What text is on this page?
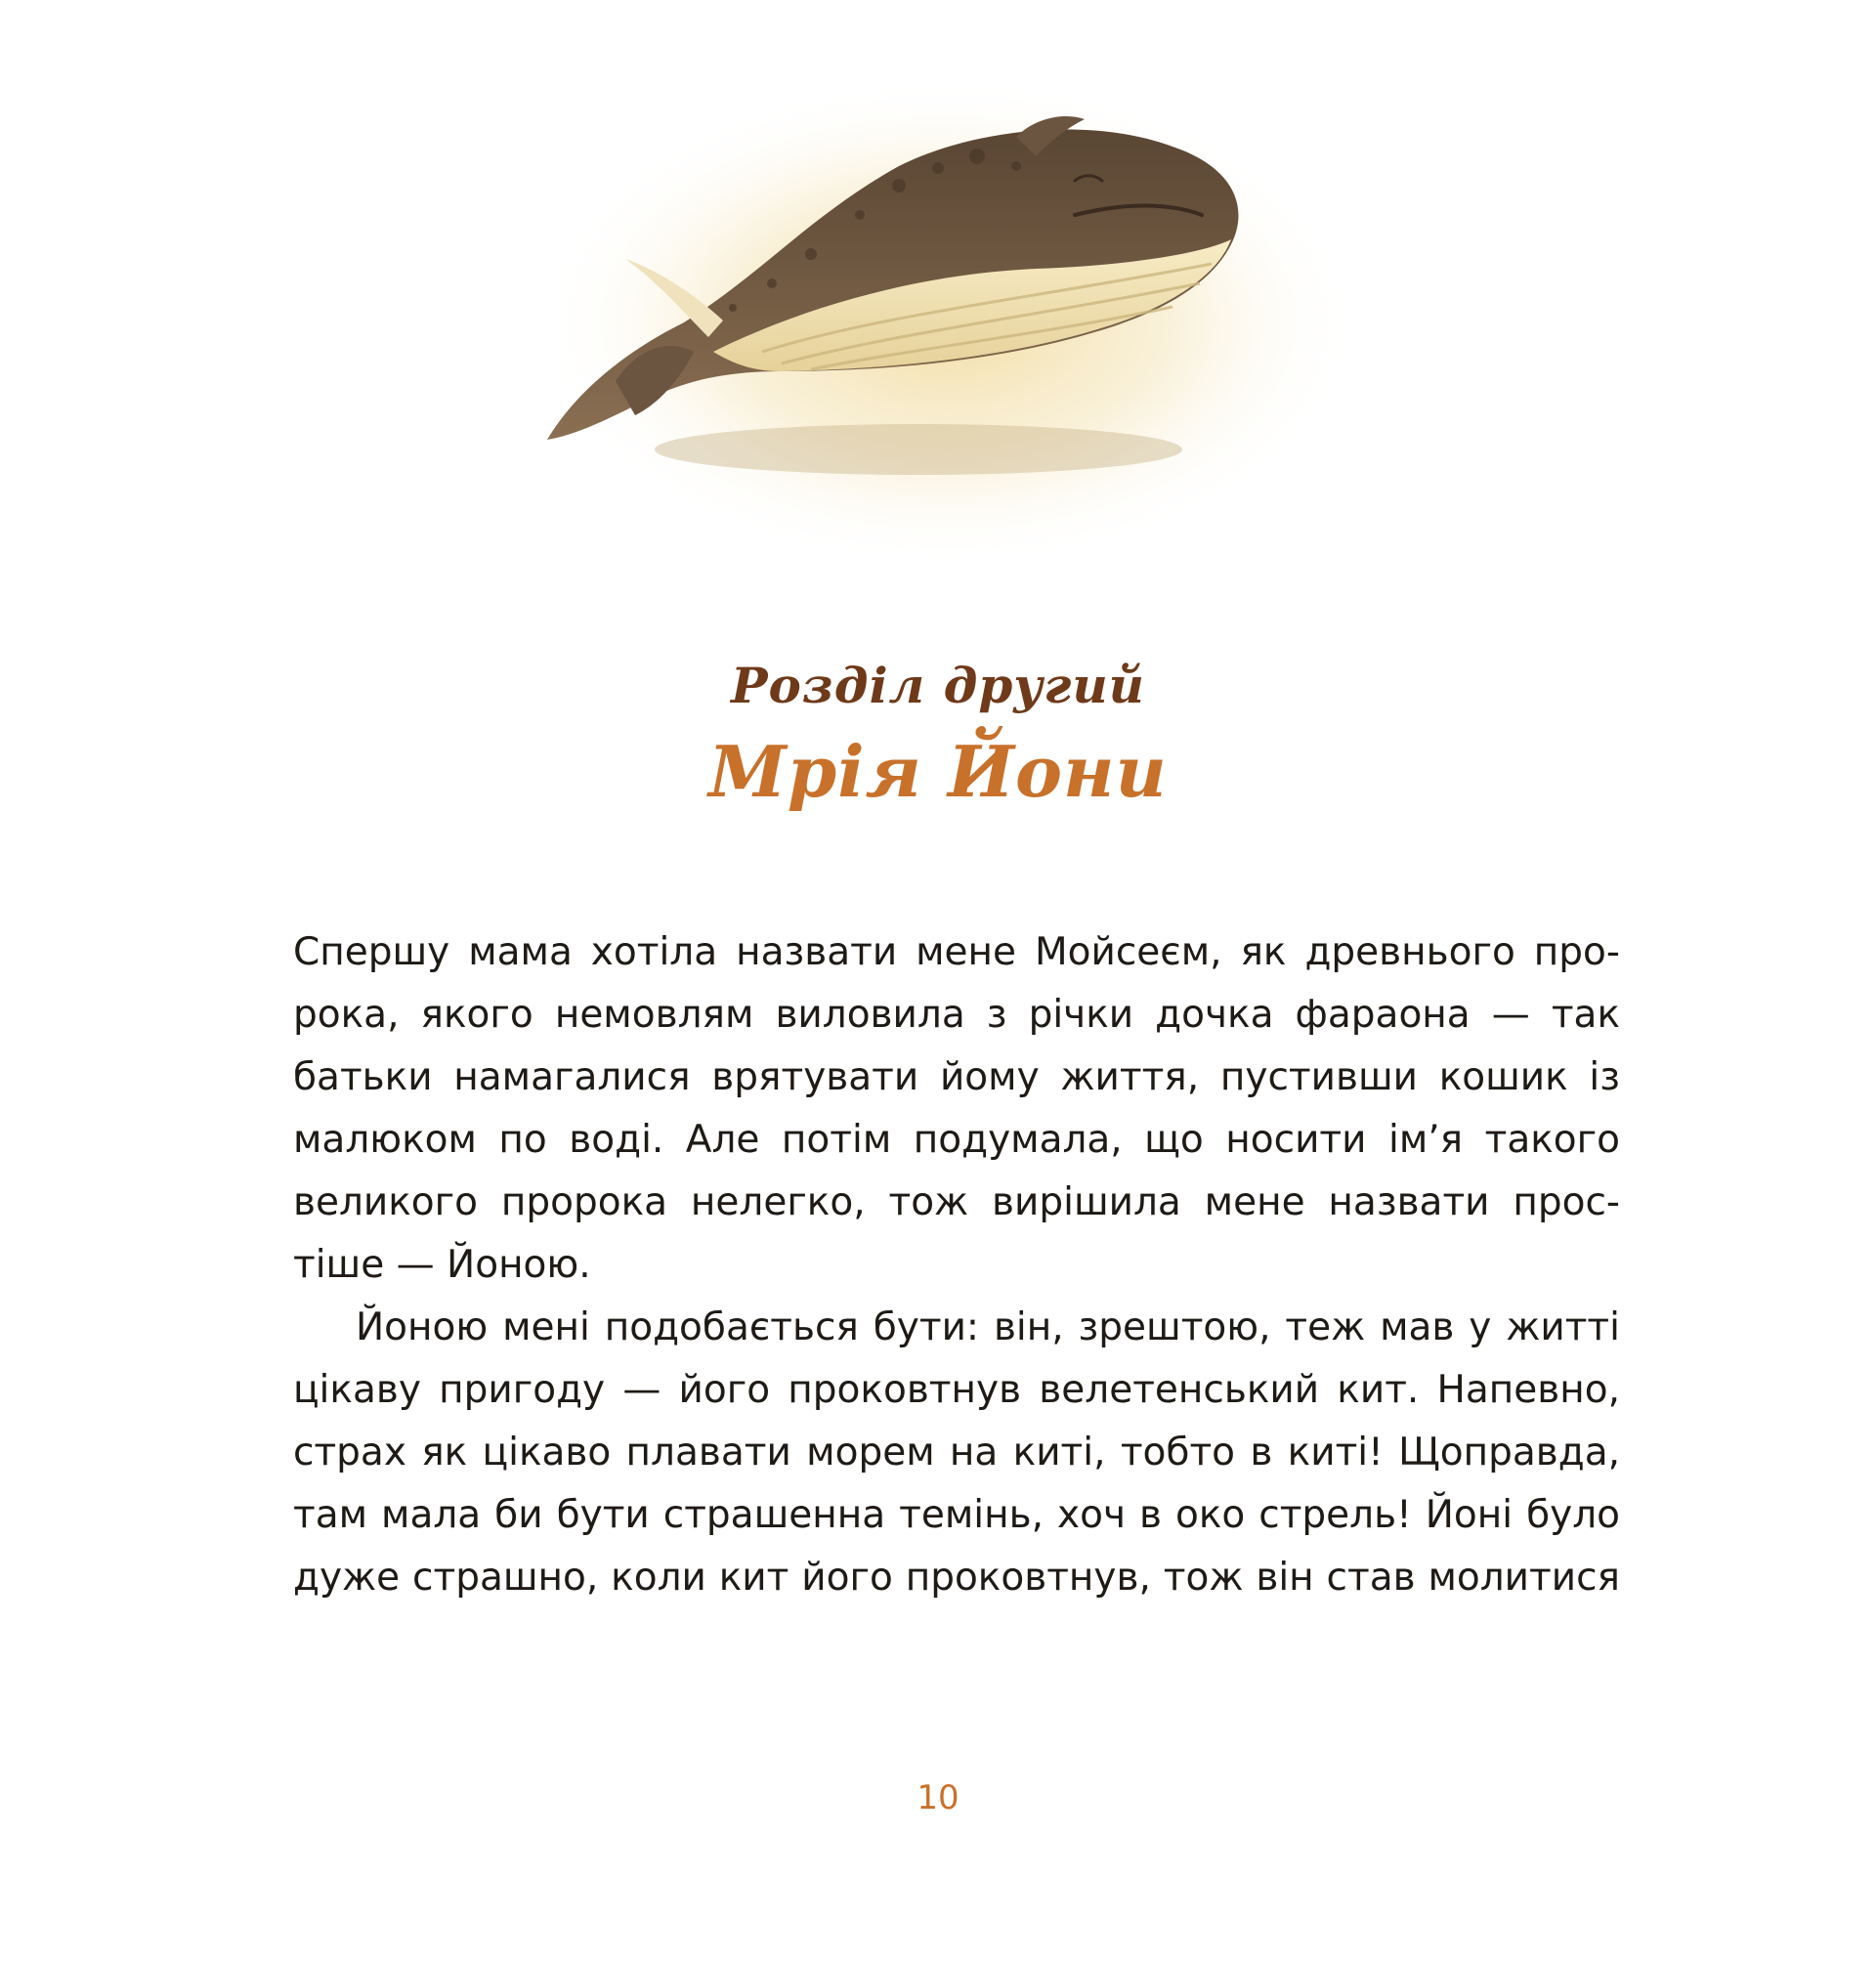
Розділ другий
Мрія Йони
Спершу мама хотіла назвати мене Мойсеєм, як древнього про-
рока, якого немовлям виловила з річки дочка фараона — так
батьки намагалися врятувати йому життя, пустивши кошик із
малюком по воді. Але потім подумала, що носити ім’я такого
великого пророка нелегко, тож вирішила мене назвати прос-
тіше — Йоною.
Йоною мені подобається бути: він, зрештою, теж мав у житті
цікаву пригоду — його проковтнув велетенський кит. Напевно,
страх як цікаво плавати морем на киті, тобто в киті! Щоправда,
там мала би бути страшенна темінь, хоч в око стрель! Йоні було
дуже страшно, коли кит його проковтнув, тож він став молитися
10
